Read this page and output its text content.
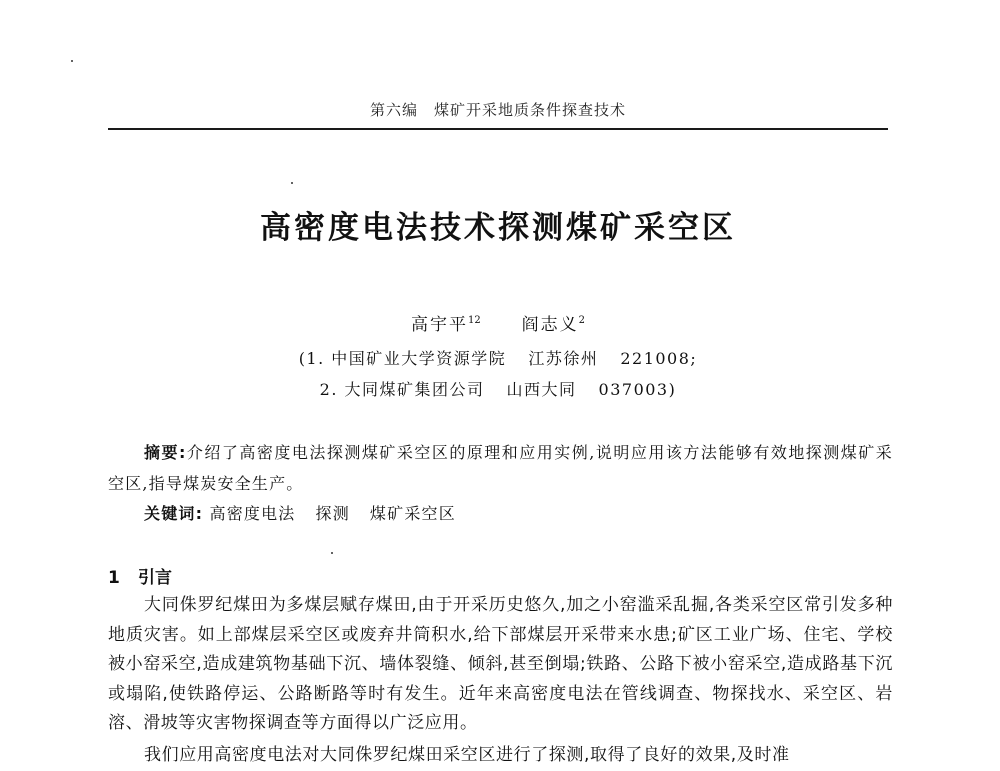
第六编　煤矿开采地质条件探查技术
高密度电法技术探测煤矿采空区
高宇平$^{12}$ 阎志义$^2$
(1. 中国矿业大学资源学院 江苏徐州 221008;
2. 大同煤矿集团公司 山西大同 037003)

摘要:介绍了高密度电法探测煤矿采空区的原理和应用实例,说明应用该方法能够有效地探测煤矿采空区,指导煤炭安全生产。

关键词: 高密度电法 探测 煤矿采空区
1 引言

大同侏罗纪煤田为多煤层赋存煤田,由于开采历史悠久,加之小窑滥采乱掘,各类采空区常引发多种地质灾害。如上部煤层采空区或废弃井筒积水,给下部煤层开采带来水患;矿区工业广场、住宅、学校被小窑采空,造成建筑物基础下沉、墙体裂缝、倾斜,甚至倒塌;铁路、公路下被小窑采空,造成路基下沉或塌陷,使铁路停运、公路断路等时有发生。近年来高密度电法在管线调查、物探找水、采空区、岩溶、滑坡等灾害物探调查等方面得以广泛应用。

我们应用高密度电法对大同侏罗纪煤田采空区进行了探测,取得了良好的效果,及时准
